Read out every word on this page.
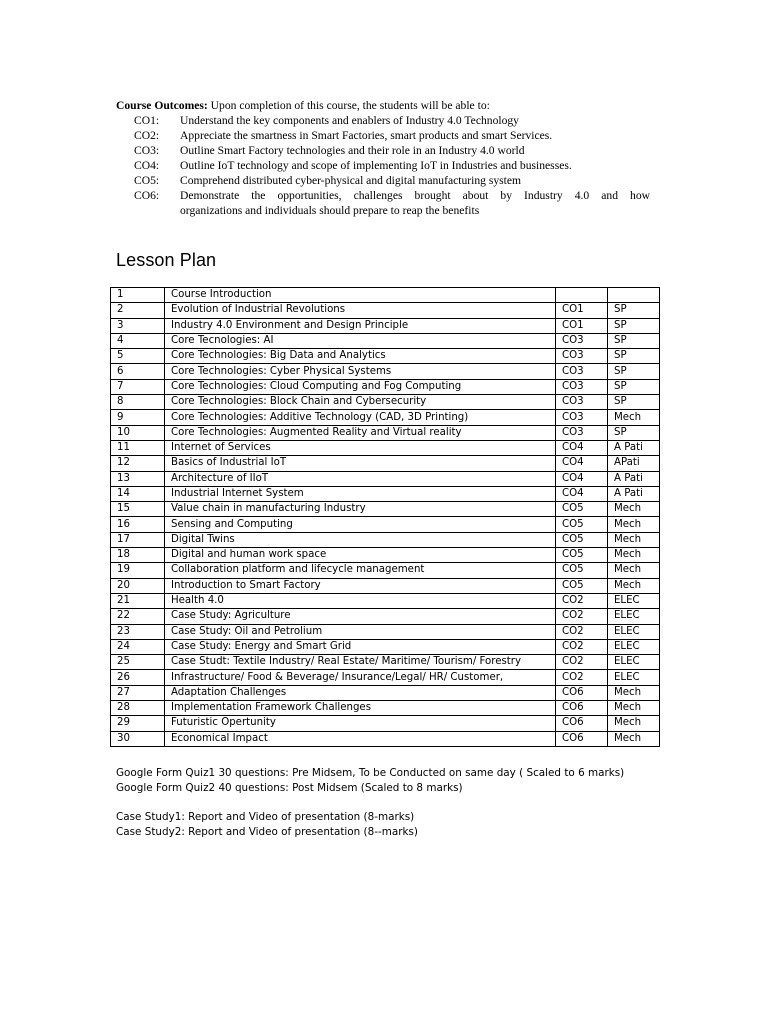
Course Outcomes: Upon completion of this course, the students will be able to:
CO1:	Understand the key components and enablers of Industry 4.0 Technology
CO2:	Appreciate the smartness in Smart Factories, smart products and smart Services.
CO3:	Outline Smart Factory technologies and their role in an Industry 4.0 world
CO4:	Outline IoT technology and scope of implementing IoT in Industries and businesses.
CO5:	Comprehend distributed cyber-physical and digital manufacturing system
CO6:	Demonstrate the opportunities, challenges brought about by Industry 4.0 and how
organizations and individuals should prepare to reap the benefits
Lesson Plan
1	Course Introduction		
2	Evolution of Industrial Revolutions	CO1	SP
3	Industry 4.0 Environment and Design Principle	CO1	SP
4	Core Tecnologies: AI	CO3	SP
5	Core Technologies: Big Data and Analytics	CO3	SP
6	Core Technologies: Cyber Physical Systems	CO3	SP
7	Core Technologies: Cloud Computing and Fog Computing	CO3	SP
8	Core Technologies: Block Chain and Cybersecurity	CO3	SP
9	Core Technologies: Additive Technology (CAD, 3D Printing)	CO3	Mech
10	Core Technologies: Augmented Reality and Virtual reality	CO3	SP
11	Internet of Services	CO4	A Pati
12	Basics of Industrial IoT	CO4	APati
13	Architecture of IIoT	CO4	A Pati
14	Industrial Internet System	CO4	A Pati
15	Value chain in manufacturing Industry	CO5	Mech
16	Sensing and Computing	CO5	Mech
17	Digital Twins	CO5	Mech
18	Digital and human work space	CO5	Mech
19	Collaboration platform and lifecycle management	CO5	Mech
20	Introduction to Smart Factory	CO5	Mech
21	Health 4.0	CO2	ELEC
22	Case Study: Agriculture	CO2	ELEC
23	Case Study: Oil and Petrolium	CO2	ELEC
24	Case Study: Energy and Smart Grid	CO2	ELEC
25	Case Studt: Textile Industry/ Real Estate/ Maritime/ Tourism/ Forestry	CO2	ELEC
26	Infrastructure/ Food & Beverage/ Insurance/Legal/ HR/ Customer,	CO2	ELEC
27	Adaptation Challenges	CO6	Mech
28	Implementation Framework Challenges	CO6	Mech
29	Futuristic Opertunity	CO6	Mech
30	Economical Impact	CO6	Mech
Google Form Quiz1 30 questions: Pre Midsem, To be Conducted on same day ( Scaled to 6 marks)
Google Form Quiz2 40 questions: Post Midsem (Scaled to 8 marks)
Case Study1: Report and Video of presentation (8-marks)
Case Study2: Report and Video of presentation (8--marks)
